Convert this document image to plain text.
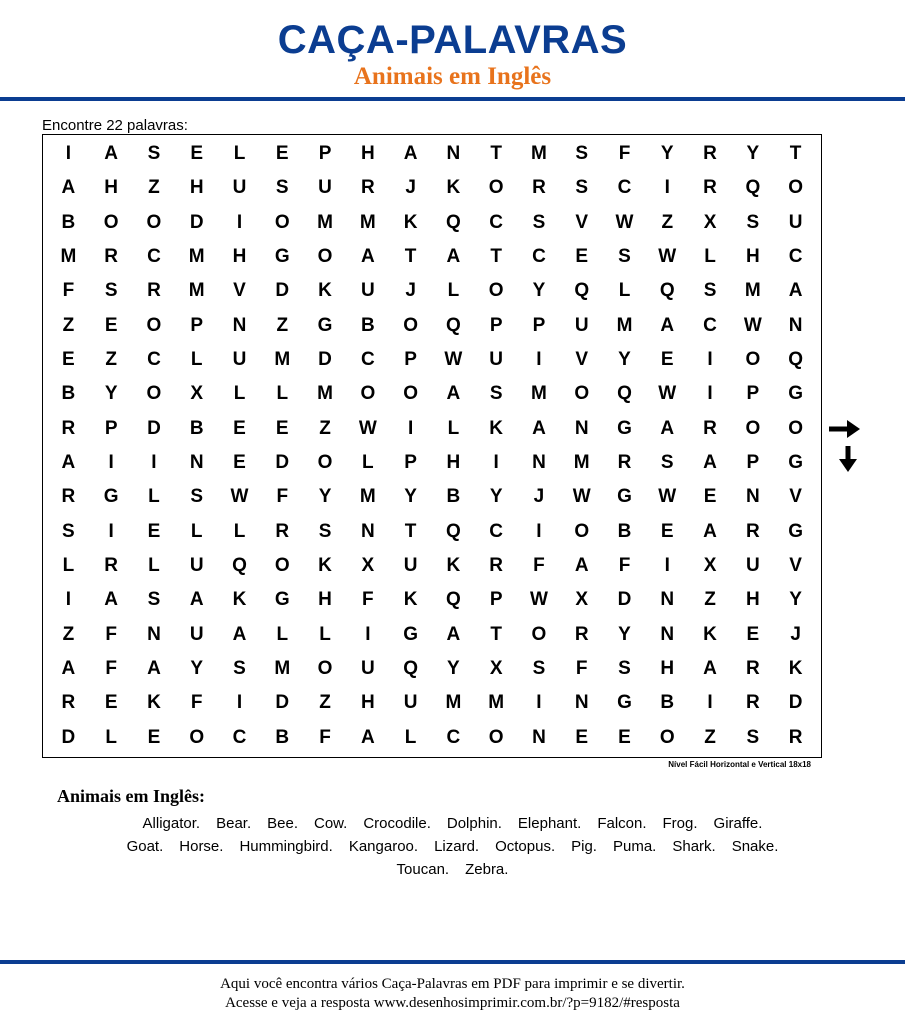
CAÇA-PALAVRAS
Animais em Inglês
Encontre 22 palavras:
I	A	S	E	L	E	P	H	A	N	T	M	S	F	Y	R	Y	T
A	H	Z	H	U	S	U	R	J	K	O	R	S	C	I	R	Q	O
B	O	O	D	I	O	M	M	K	Q	C	S	V	W	Z	X	S	U
M	R	C	M	H	G	O	A	T	A	T	C	E	S	W	L	H	C
F	S	R	M	V	D	K	U	J	L	O	Y	Q	L	Q	S	M	A
Z	E	O	P	N	Z	G	B	O	Q	P	P	U	M	A	C	W	N
E	Z	C	L	U	M	D	C	P	W	U	I	V	Y	E	I	O	Q
B	Y	O	X	L	L	M	O	O	A	S	M	O	Q	W	I	P	G
R	P	D	B	E	E	Z	W	I	L	K	A	N	G	A	R	O	O
A	I	I	N	E	D	O	L	P	H	I	N	M	R	S	A	P	G
R	G	L	S	W	F	Y	M	Y	B	Y	J	W	G	W	E	N	V
S	I	E	L	L	R	S	N	T	Q	C	I	O	B	E	A	R	G
L	R	L	U	Q	O	K	X	U	K	R	F	A	F	I	X	U	V
I	A	S	A	K	G	H	F	K	Q	P	W	X	D	N	Z	H	Y
Z	F	N	U	A	L	L	I	G	A	T	O	R	Y	N	K	E	J
A	F	A	Y	S	M	O	U	Q	Y	X	S	F	S	H	A	R	K
R	E	K	F	I	D	Z	H	U	M	M	I	N	G	B	I	R	D
D	L	E	O	C	B	F	A	L	C	O	N	E	E	O	Z	S	R
Nível Fácil Horizontal e Vertical 18x18
Animais em Inglês:
Alligator. Bear. Bee. Cow. Crocodile. Dolphin. Elephant. Falcon. Frog. Giraffe.
Goat. Horse. Hummingbird. Kangaroo. Lizard. Octopus. Pig. Puma. Shark. Snake.
Toucan. Zebra.
Aqui você encontra vários Caça-Palavras em PDF para imprimir e se divertir.
Acesse e veja a resposta www.desenhosimprimir.com.br/?p=9182/#resposta
